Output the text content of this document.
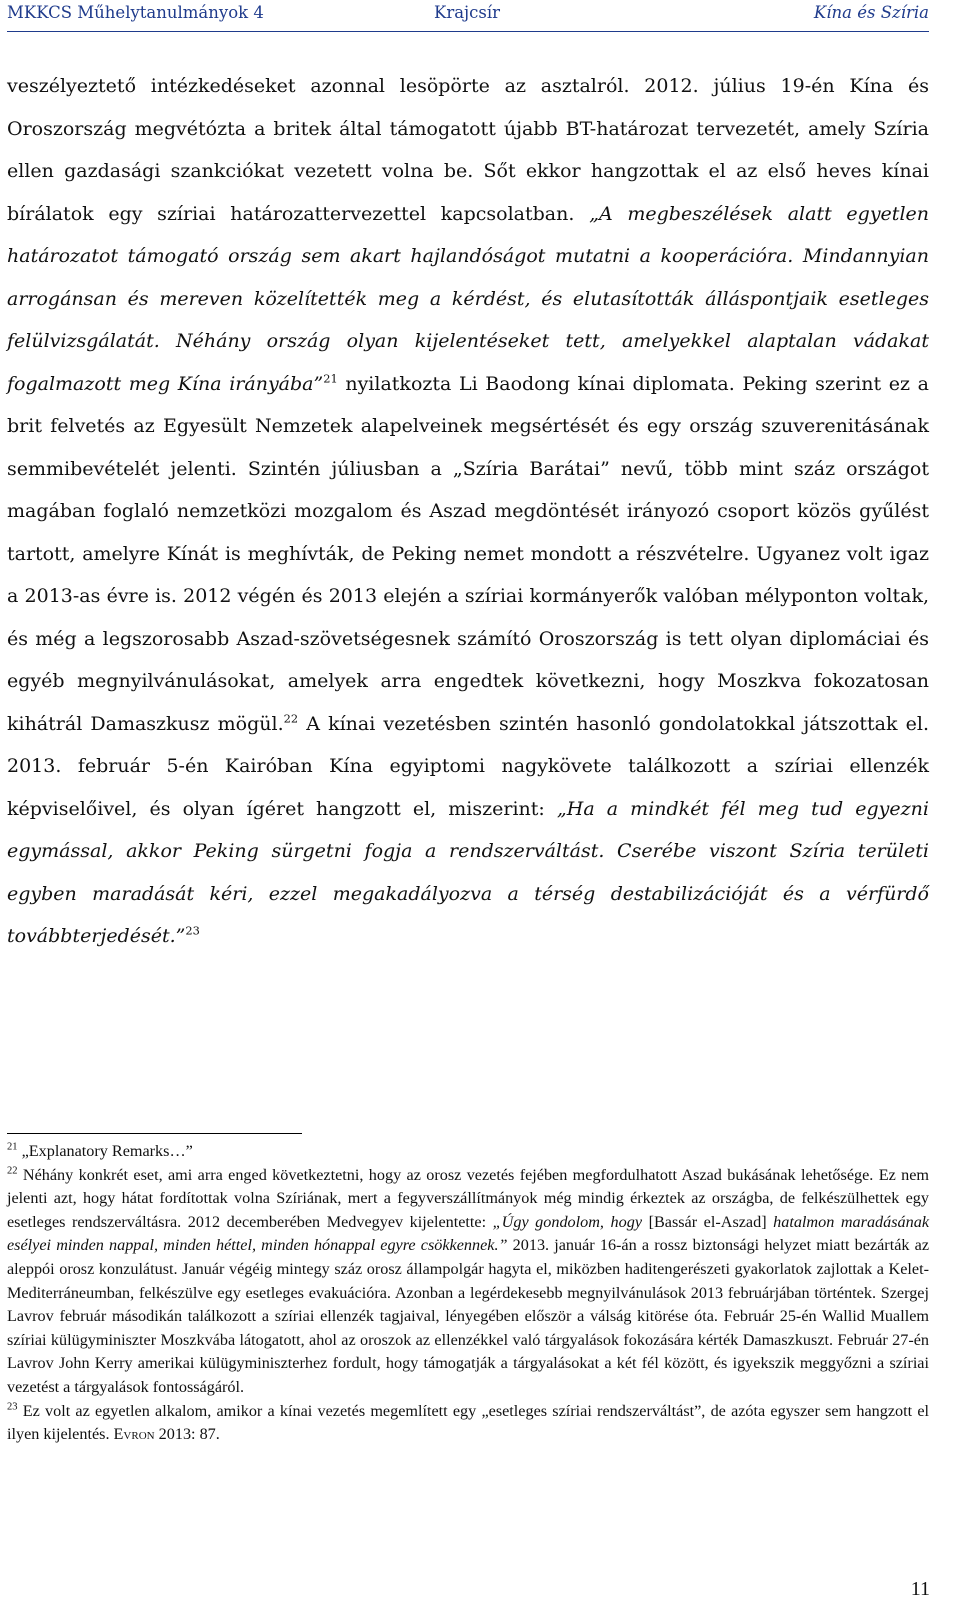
MKKCS Műhelytanulmányok 4	Krajcsír	Kína és Szíria

veszélyeztető intézkedéseket azonnal lesöpörte az asztalról. 2012. július 19-én Kína és Oroszország megvétózta a britek által támogatott újabb BT-határozat tervezetét, amely Szíria ellen gazdasági szankciókat vezetett volna be. Sőt ekkor hangzottak el az első heves kínai bírálatok egy szíriai határozattervezettel kapcsolatban. „A megbeszélések alatt egyetlen határozatot támogató ország sem akart hajlandóságot mutatni a kooperációra. Mindannyian arrogánsan és mereven közelítették meg a kérdést, és elutasították álláspontjaik esetleges felülvizsgálatát. Néhány ország olyan kijelentéseket tett, amelyekkel alaptalan vádakat fogalmazott meg Kína irányába”$^{21}$ nyilatkozta Li Baodong kínai diplomata. Peking szerint ez a brit felvetés az Egyesült Nemzetek alapelveinek megsértését és egy ország szuverenitásának semmibevételét jelenti. Szintén júliusban a „Szíria Barátai” nevű, több mint száz országot magában foglaló nemzetközi mozgalom és Aszad megdöntését irányozó csoport közös gyűlést tartott, amelyre Kínát is meghívták, de Peking nemet mondott a részvételre. Ugyanez volt igaz a 2013-as évre is. 2012 végén és 2013 elején a szíriai kormányerők valóban mélyponton voltak, és még a legszorosabb Aszad-szövetségesnek számító Oroszország is tett olyan diplomáciai és egyéb megnyilvánulásokat, amelyek arra engedtek következni, hogy Moszkva fokozatosan kihátrál Damaszkusz mögül.$^{22}$ A kínai vezetésben szintén hasonló gondolatokkal játszottak el. 2013. február 5-én Kairóban Kína egyiptomi nagykövete találkozott a szíriai ellenzék képviselőivel, és olyan ígéret hangzott el, miszerint: „Ha a mindkét fél meg tud egyezni egymással, akkor Peking sürgetni fogja a rendszerváltást. Cserébe viszont Szíria területi egyben maradását kéri, ezzel megakadályozva a térség destabilizációját és a vérfürdő továbbterjedését.”$^{23}$

$^{21}$ „Explanatory Remarks…”

$^{22}$ Néhány konkrét eset, ami arra enged következtetni, hogy az orosz vezetés fejében megfordulhatott Aszad bukásának lehetősége. Ez nem jelenti azt, hogy hátat fordítottak volna Szíriának, mert a fegyverszállítmányok még mindig érkeztek az országba, de felkészülhettek egy esetleges rendszerváltásra. 2012 decemberében Medvegyev kijelentette: „Úgy gondolom, hogy [Bassár el-Aszad] hatalmon maradásának esélyei minden nappal, minden héttel, minden hónappal egyre csökkennek.” 2013. január 16-án a rossz biztonsági helyzet miatt bezárták az aleppói orosz konzulátust. Január végéig mintegy száz orosz állampolgár hagyta el, miközben haditengerészeti gyakorlatok zajlottak a Kelet-Mediterráneumban, felkészülve egy esetleges evakuációra. Azonban a legérdekesebb megnyilvánulások 2013 februárjában történtek. Szergej Lavrov február másodikán találkozott a szíriai ellenzék tagjaival, lényegében először a válság kitörése óta. Február 25-én Wallid Muallem szíriai külügyminiszter Moszkvába látogatott, ahol az oroszok az ellenzékkel való tárgyalások fokozására kérték Damaszkuszt. Február 27-én Lavrov John Kerry amerikai külügyminiszterhez fordult, hogy támogatják a tárgyalásokat a két fél között, és igyekszik meggyőzni a szíriai vezetést a tárgyalások fontosságáról.

$^{23}$ Ez volt az egyetlen alkalom, amikor a kínai vezetés megemlített egy „esetleges szíriai rendszerváltást”, de azóta egyszer sem hangzott el ilyen kijelentés. Evron 2013: 87.

11
